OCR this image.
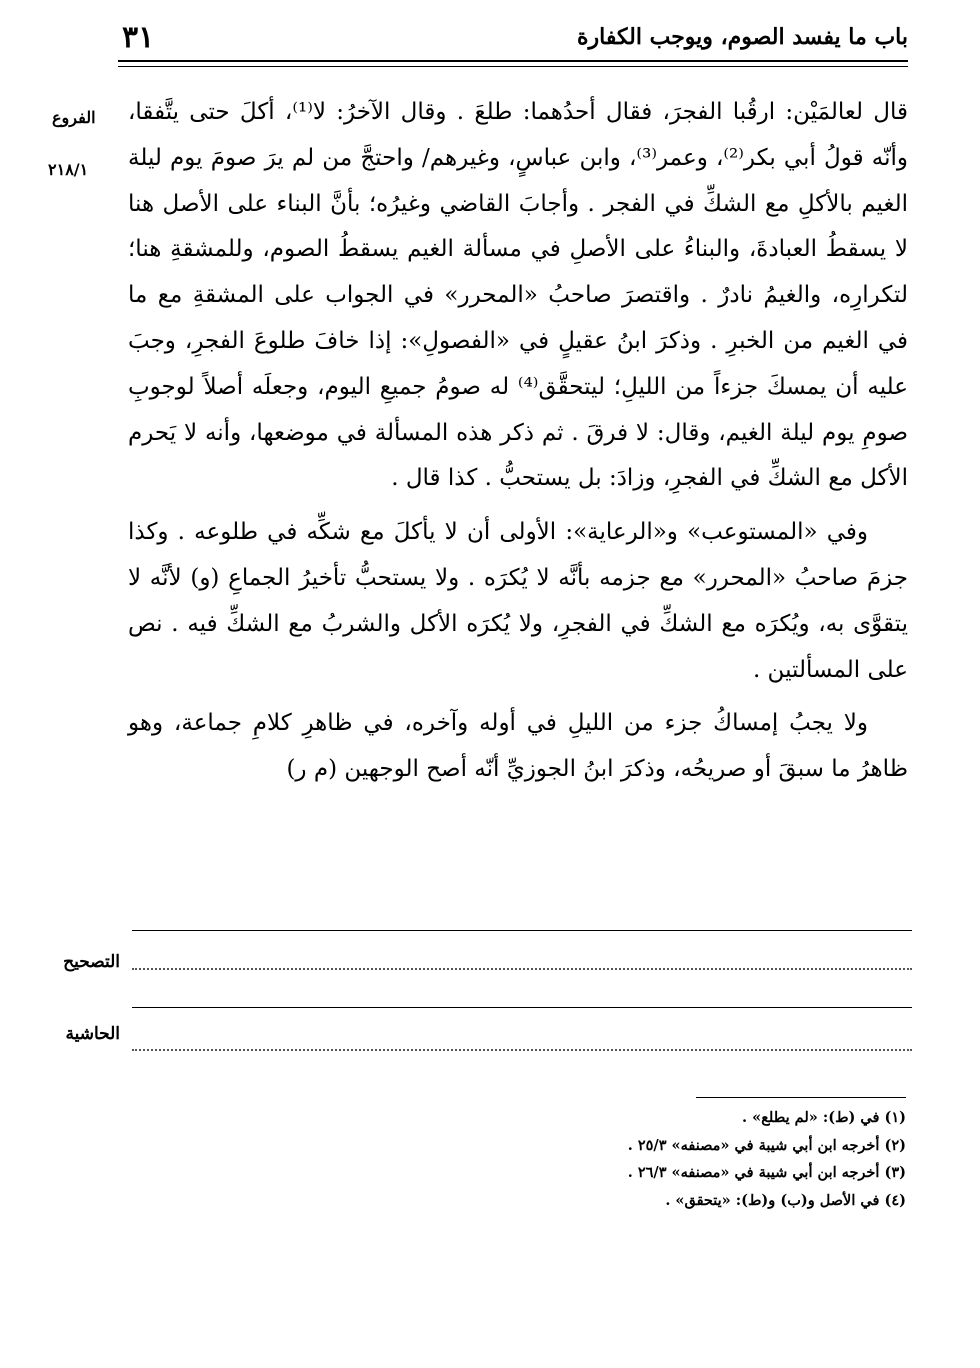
باب ما يفسد الصوم، ويوجب الكفارة
٣١
الفروع
٢١٨/١

قال لعالمَيْن: ارقُبا الفجرَ، فقال أحدُهما: طلعَ . وقال الآخرُ: لا⁽¹⁾، أكلَ حتى يتَّفقا، وأنّه قولُ أبي بكر⁽²⁾، وعمر⁽³⁾، وابن عباسٍ، وغيرهم/ واحتجَّ من لم يرَ صومَ يوم ليلة الغيم بالأكلِ مع الشكِّ في الفجر . وأجابَ القاضي وغيرُه؛ بأنَّ البناء على الأصل هنا لا يسقطُ العبادةَ، والبناءُ على الأصلِ في مسألة الغيم يسقطُ الصوم، وللمشقةِ هنا؛ لتكرارِه، والغيمُ نادرٌ . واقتصرَ صاحبُ «المحرر» في الجواب على المشقةِ مع ما في الغيم من الخبرِ . وذكرَ ابنُ عقيلٍ في «الفصولِ»: إذا خافَ طلوعَ الفجرِ، وجبَ عليه أن يمسكَ جزءاً من الليلِ؛ ليتحقَّق⁽⁴⁾ له صومُ جميعِ اليوم، وجعلَه أصلاً لوجوبِ صومِ يوم ليلة الغيم، وقال: لا فرقَ . ثم ذكر هذه المسألة في موضعها، وأنه لا يَحرم الأكل مع الشكِّ في الفجرِ، وزادَ: بل يستحبُّ . كذا قال .

وفي «المستوعب» و«الرعاية»: الأولى أن لا يأكلَ مع شكِّه في طلوعه . وكذا جزمَ صاحبُ «المحرر» مع جزمه بأنَّه لا يُكرَه . ولا يستحبُّ تأخيرُ الجماعِ (و) لأنَّه لا يتقوَّى به، ويُكرَه مع الشكِّ في الفجرِ، ولا يُكرَه الأكل والشربُ مع الشكِّ فيه . نص على المسألتين .

ولا يجبُ إمساكُ جزء من الليلِ في أوله وآخره، في ظاهرِ كلامِ جماعة، وهو ظاهرُ ما سبقَ أو صريحُه، وذكرَ ابنُ الجوزيِّ أنّه أصح الوجهين (م ر)

التصحيح
الحاشية
(١) في (ط): «لم يطلع» .
(٢) أخرجه ابن أبي شيبة في «مصنفه» ٢٥/٣ .
(٣) أخرجه ابن أبي شيبة في «مصنفه» ٢٦/٣ .
(٤) في الأصل و(ب) و(ط): «يتحقق» .
